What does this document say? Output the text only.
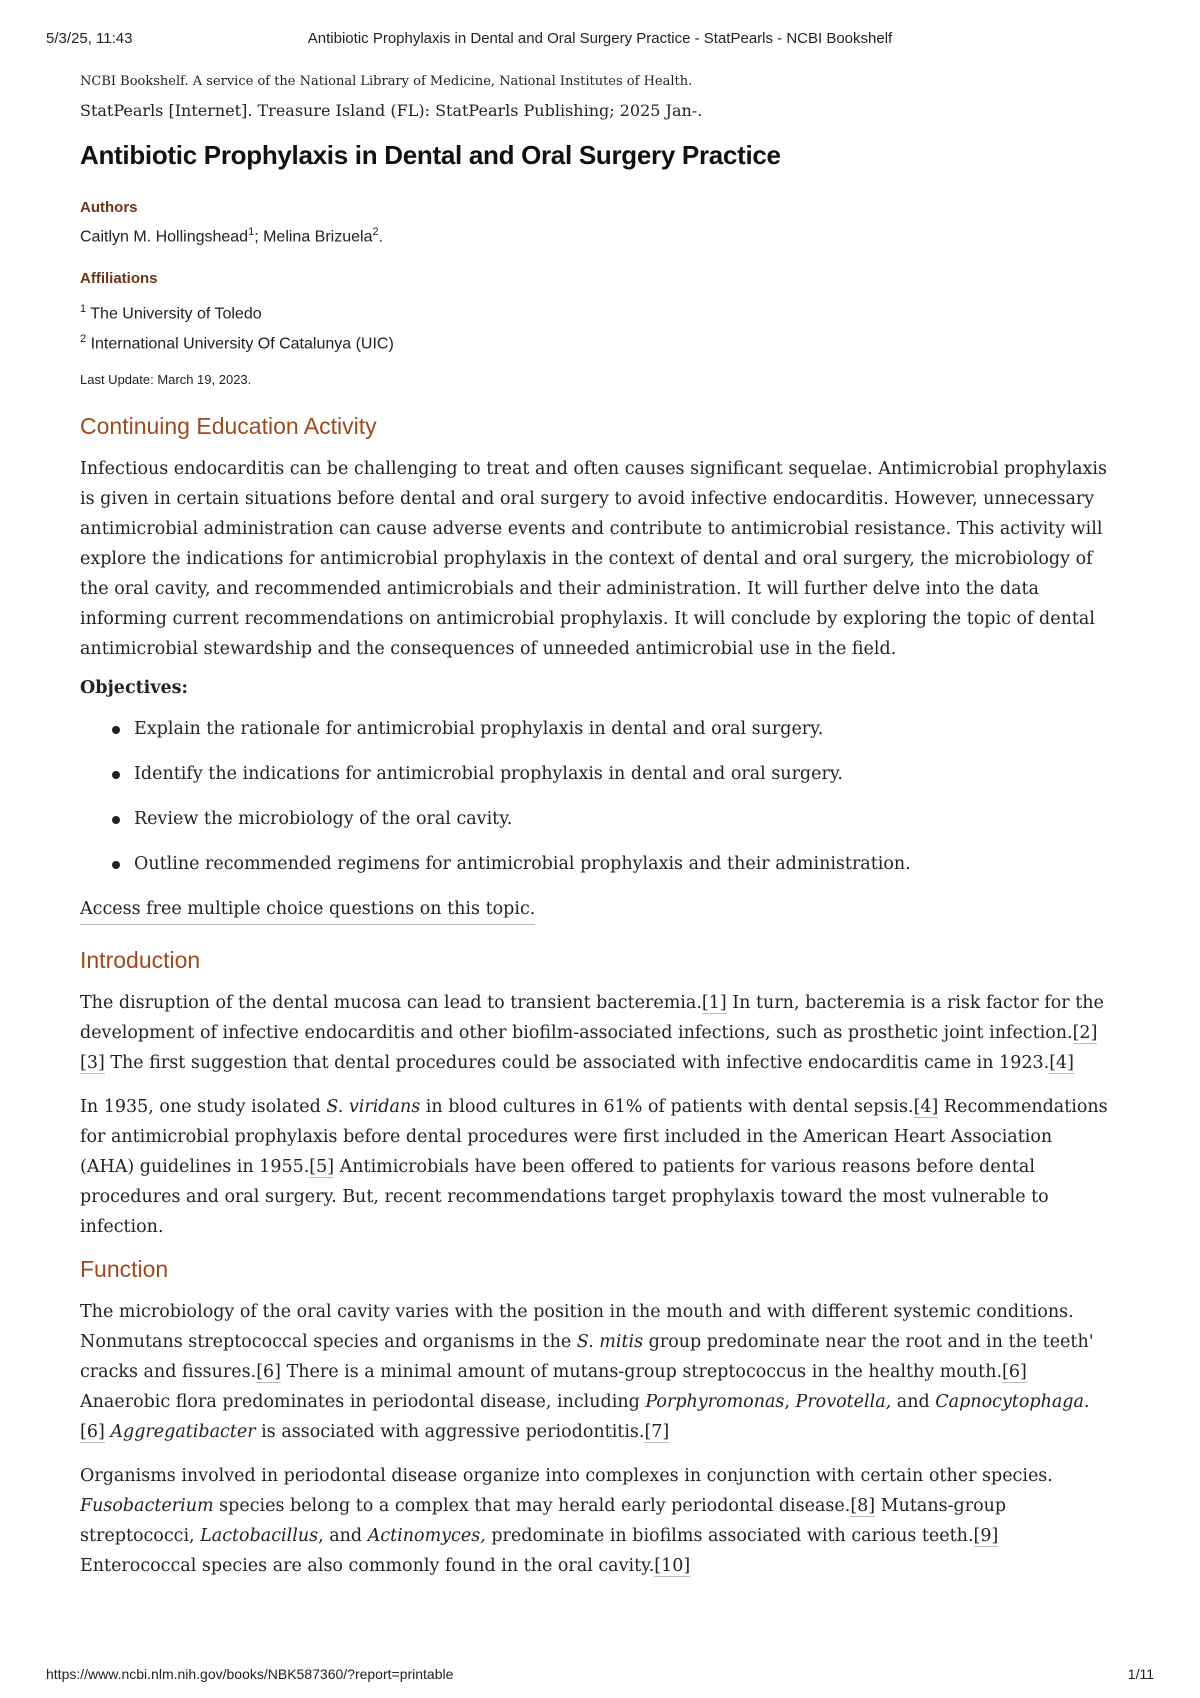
5/3/25, 11:43	Antibiotic Prophylaxis in Dental and Oral Surgery Practice - StatPearls - NCBI Bookshelf
NCBI Bookshelf. A service of the National Library of Medicine, National Institutes of Health.
StatPearls [Internet]. Treasure Island (FL): StatPearls Publishing; 2025 Jan-.
Antibiotic Prophylaxis in Dental and Oral Surgery Practice
Authors
Caitlyn M. Hollingshead$^1$; Melina Brizuela$^2$.
Affiliations
$^1$ The University of Toledo
$^2$ International University Of Catalunya (UIC)
Last Update: March 19, 2023.
Continuing Education Activity

Infectious endocarditis can be challenging to treat and often causes significant sequelae. Antimicrobial prophylaxis is given in certain situations before dental and oral surgery to avoid infective endocarditis. However, unnecessary antimicrobial administration can cause adverse events and contribute to antimicrobial resistance. This activity will explore the indications for antimicrobial prophylaxis in the context of dental and oral surgery, the microbiology of the oral cavity, and recommended antimicrobials and their administration. It will further delve into the data informing current recommendations on antimicrobial prophylaxis. It will conclude by exploring the topic of dental antimicrobial stewardship and the consequences of unneeded antimicrobial use in the field.

Objectives:
Explain the rationale for antimicrobial prophylaxis in dental and oral surgery.
Identify the indications for antimicrobial prophylaxis in dental and oral surgery.
Review the microbiology of the oral cavity.
Outline recommended regimens for antimicrobial prophylaxis and their administration.
Access free multiple choice questions on this topic.
Introduction

The disruption of the dental mucosa can lead to transient bacteremia.[1] In turn, bacteremia is a risk factor for the development of infective endocarditis and other biofilm-associated infections, such as prosthetic joint infection.[2][3] The first suggestion that dental procedures could be associated with infective endocarditis came in 1923.[4]

In 1935, one study isolated S. viridans in blood cultures in 61% of patients with dental sepsis.[4] Recommendations for antimicrobial prophylaxis before dental procedures were first included in the American Heart Association (AHA) guidelines in 1955.[5] Antimicrobials have been offered to patients for various reasons before dental procedures and oral surgery. But, recent recommendations target prophylaxis toward the most vulnerable to infection.

Function

The microbiology of the oral cavity varies with the position in the mouth and with different systemic conditions. Nonmutans streptococcal species and organisms in the S. mitis group predominate near the root and in the teeth' cracks and fissures.[6] There is a minimal amount of mutans-group streptococcus in the healthy mouth.[6] Anaerobic flora predominates in periodontal disease, including Porphyromonas, Provotella, and Capnocytophaga.[6] Aggregatibacter is associated with aggressive periodontitis.[7]

Organisms involved in periodontal disease organize into complexes in conjunction with certain other species. Fusobacterium species belong to a complex that may herald early periodontal disease.[8] Mutans-group streptococci, Lactobacillus, and Actinomyces, predominate in biofilms associated with carious teeth.[9] Enterococcal species are also commonly found in the oral cavity.[10]

https://www.ncbi.nlm.nih.gov/books/NBK587360/?report=printable	1/11
